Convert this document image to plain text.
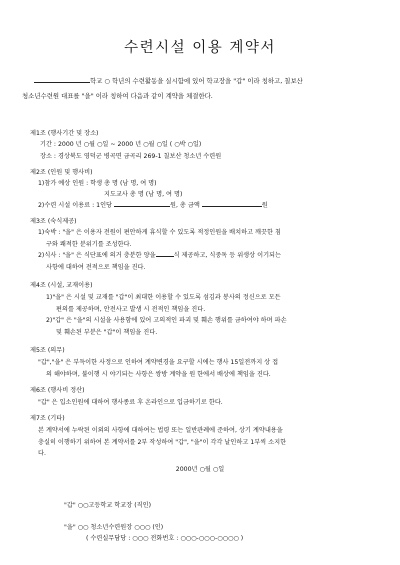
수련시설 이용 계약서
학교 ○ 학년의 수련활동을 실시함에 있어 학교장을 "갑" 이라 칭하고, 칠보산
청소년수련원 대표를 "을" 이라 칭하여 다음과 같이 계약을 체결한다.
제1조 (행사기간 및 장소)
기간 : 2000 년 ○월 ○일 ~ 2000 년 ○월 ○일 ( ○박 ○일)
장소 : 경상북도 영덕군 병곡면 금곡리 269-1 칠보산 청소년 수련원
제2조 (인원 및 행사비)
1)참가 예상 인원 : 학생 총 명 (남 명, 여 명)
지도교사 총 명 (남 명, 여 명)
2)수련 시설 이용료 : 1인당	원, 총 금액	원
제3조 (숙식제공)
1)숙박 : "을" 은 이용자 전원이 편안하게 휴식할 수 있도록 적정인원을 배치하고 깨끗한 침
구와 쾌적한 분위기를 조성한다.
2)식사 : "을" 은 식단표에 의거 충분한 양을	식 제공하고, 식중독 등 위생상 이기되는
사항에 대하여 전적으로 책임을 진다.
제4조 (시설, 교재이용)
1)"을" 은 시설 및 교재를 "갑"이 최대한 이용할 수 있도록 섬김과 봉사의 정신으로 모든
편의를 제공하며, 안전사고 발생 시 전적인 책임을 진다.
2)"갑" 은 "을"의 시설을 사용함에 있어 고의적인 파괴 및 훼손 행위를 금하여야 하며 파손
및 훼손된 부분은 "갑"이 책임을 진다.
제5조 (의무)
"갑","을" 은 부득이한 사정으로 인하여 계약변경을 요구할 시에는 행사 15일전까지 상 접
의 해야하며, 불이행 시 야기되는 사항은 쌍방 계약을 원 한에서 배상에 책임을 진다.
제6조 (행사비 정산)
"갑" 은 입소인원에 대하여 행사종료 후 온라인으로 입금하기로 한다.
제7조 (기타)
본 계약서에 누락된 이외의 사항에 대하여는 법령 또는 일반관례에 준하여, 상기 계약내용을
충실히 이행하기 위하여 본 계약서를 2부 작성하여 "갑", "을"이 각각 날인하고 1부씩 소지한
다.
2000년 ○월 ○일
"갑" ○○고등학교 학교장 (직인)
"을" ○○ 청소년수련원장 ○○○ (인)
( 수련실무담당 : ○○○ 전화번호 : ○○○-○○○-○○○○ )
